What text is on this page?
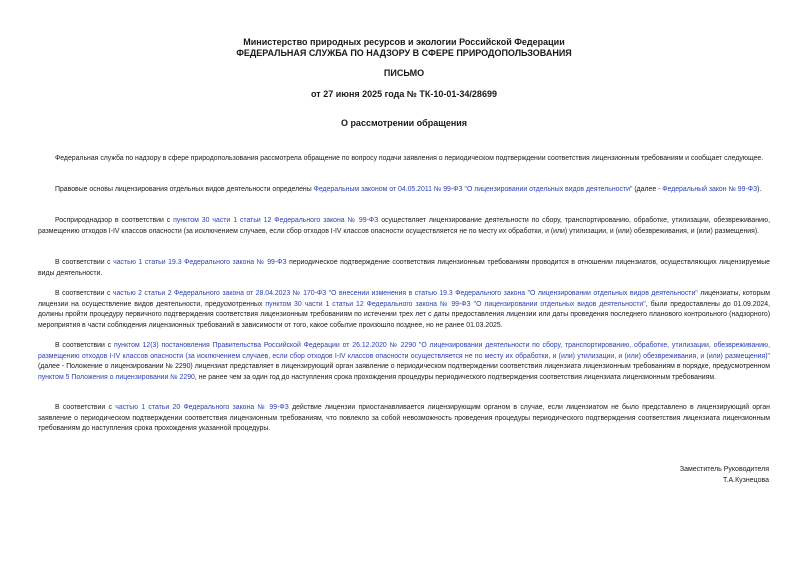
Министерство природных ресурсов и экологии Российской Федерации
ФЕДЕРАЛЬНАЯ СЛУЖБА ПО НАДЗОРУ В СФЕРЕ ПРИРОДОПОЛЬЗОВАНИЯ
ПИСЬМО
от 27 июня 2025 года № ТК-10-01-34/28699
О рассмотрении обращения
Федеральная служба по надзору в сфере природопользования рассмотрела обращение по вопросу подачи заявления о периодическом подтверждении соответствия лицензионным требованиям и сообщает следующее.
Правовые основы лицензирования отдельных видов деятельности определены Федеральным законом от 04.05.2011 № 99-ФЗ "О лицензировании отдельных видов деятельности" (далее - Федеральный закон № 99-ФЗ).
Росприроднадзор в соответствии с пунктом 30 части 1 статьи 12 Федерального закона № 99-ФЗ осуществляет лицензирование деятельности по сбору, транспортированию, обработке, утилизации, обезвреживанию, размещению отходов I-IV классов опасности (за исключением случаев, если сбор отходов I-IV классов опасности осуществляется не по месту их обработки, и (или) утилизации, и (или) обезвреживания, и (или) размещения).
В соответствии с частью 1 статьи 19.3 Федерального закона № 99-ФЗ периодическое подтверждение соответствия лицензионным требованиям проводится в отношении лицензиатов, осуществляющих лицензируемые виды деятельности.
В соответствии с частью 2 статьи 2 Федерального закона от 28.04.2023 № 170-ФЗ "О внесении изменения в статью 19.3 Федерального закона "О лицензировании отдельных видов деятельности" лицензиаты, которым лицензии на осуществление видов деятельности, предусмотренных пунктом 30 части 1 статьи 12 Федерального закона № 99-ФЗ "О лицензировании отдельных видов деятельности", были предоставлены до 01.09.2024, должны пройти процедуру первичного подтверждения соответствия лицензионным требованиям по истечении трех лет с даты предоставления лицензии или даты проведения последнего планового контрольного (надзорного) мероприятия в части соблюдения лицензионных требований в зависимости от того, какое событие произошло позднее, но не ранее 01.03.2025.
В соответствии с пунктом 12(3) постановления Правительства Российской Федерации от 26.12.2020 № 2290 "О лицензировании деятельности по сбору, транспортированию, обработке, утилизации, обезвреживанию, размещению отходов I-IV классов опасности (за исключением случаев, если сбор отходов I-IV классов опасности осуществляется не по месту их обработки, и (или) утилизации, и (или) обезвреживания, и (или) размещения)" (далее - Положение о лицензировании № 2290) лицензиат представляет в лицензирующий орган заявление о периодическом подтверждении соответствия лицензиата лицензионным требованиям в порядке, предусмотренном пунктом 5 Положения о лицензировании № 2290, не ранее чем за один год до наступления срока прохождения процедуры периодического подтверждения соответствия лицензиата лицензионным требованиям.
В соответствии с частью 1 статьи 20 Федерального закона № 99-ФЗ действие лицензии приостанавливается лицензирующим органом в случае, если лицензиатом не было представлено в лицензирующий орган заявление о периодическом подтверждении соответствия лицензионным требованиям, что повлекло за собой невозможность проведения процедуры периодического подтверждения соответствия лицензиата лицензионным требованиям до наступления срока прохождения указанной процедуры.
Заместитель Руководителя
Т.А.Кузнецова
